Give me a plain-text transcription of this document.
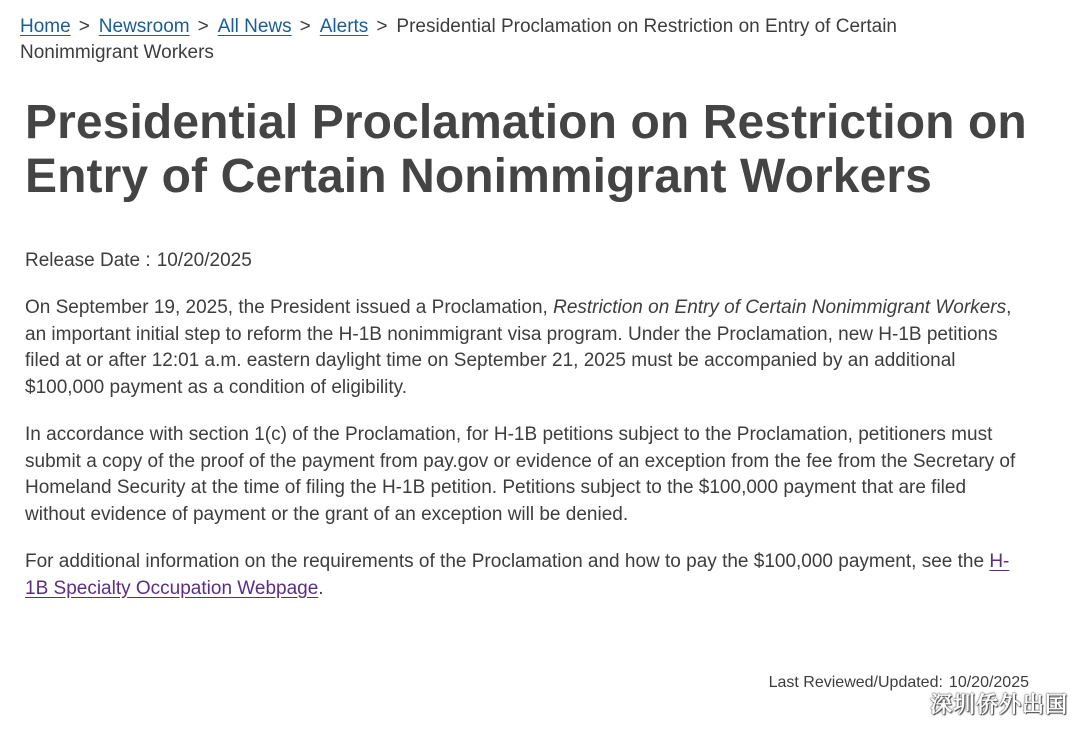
Home > Newsroom > All News > Alerts > Presidential Proclamation on Restriction on Entry of Certain Nonimmigrant Workers
Presidential Proclamation on Restriction on Entry of Certain Nonimmigrant Workers
Release Date : 10/20/2025

On September 19, 2025, the President issued a Proclamation, Restriction on Entry of Certain Nonimmigrant Workers, an important initial step to reform the H-1B nonimmigrant visa program. Under the Proclamation, new H-1B petitions filed at or after 12:01 a.m. eastern daylight time on September 21, 2025 must be accompanied by an additional $100,000 payment as a condition of eligibility.

In accordance with section 1(c) of the Proclamation, for H-1B petitions subject to the Proclamation, petitioners must submit a copy of the proof of the payment from pay.gov or evidence of an exception from the fee from the Secretary of Homeland Security at the time of filing the H-1B petition. Petitions subject to the $100,000 payment that are filed without evidence of payment or the grant of an exception will be denied.

For additional information on the requirements of the Proclamation and how to pay the $100,000 payment, see the H-1B Specialty Occupation Webpage.

Last Reviewed/Updated: 10/20/2025
深圳侨外出国
